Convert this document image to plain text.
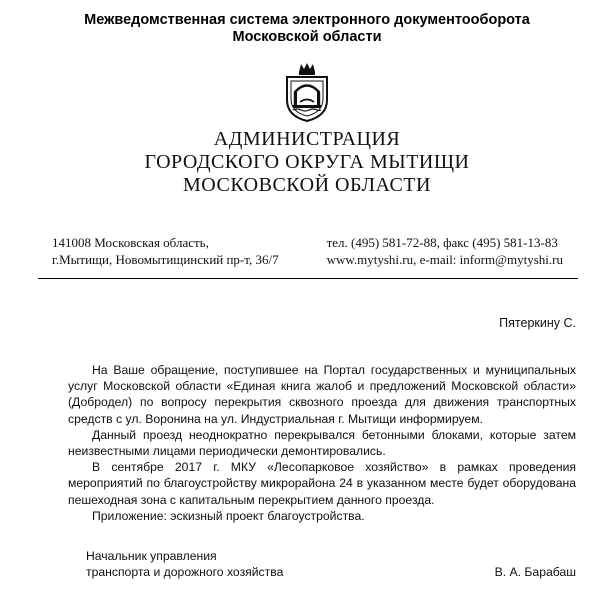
Межведомственная система электронного документооборота
Московской области
АДМИНИСТРАЦИЯ
ГОРОДСКОГО ОКРУГА МЫТИЩИ
МОСКОВСКОЙ ОБЛАСТИ
141008 Московская область,
г.Мытищи, Новомытищинский пр-т, 36/7
тел. (495) 581-72-88, факс (495) 581-13-83
www.mytyshi.ru, e-mail: inform@mytyshi.ru
Пятеркину С.

На Ваше обращение, поступившее на Портал государственных и муниципальных услуг Московской области «Единая книга жалоб и предложений Московской области» (Добродел) по вопросу перекрытия сквозного проезда для движения транспортных средств с ул. Воронина на ул. Индустриальная г. Мытищи информируем.

Данный проезд неоднократно перекрывался бетонными блоками, которые затем неизвестными лицами периодически демонтировались.

В сентябре 2017 г. МКУ «Лесопарковое хозяйство» в рамках проведения мероприятий по благоустройству микрорайона 24 в указанном месте будет оборудована пешеходная зона с капитальным перекрытием данного проезда.

Приложение: эскизный проект благоустройства.

Начальник управления
транспорта и дорожного хозяйства	В. А. Барабаш
